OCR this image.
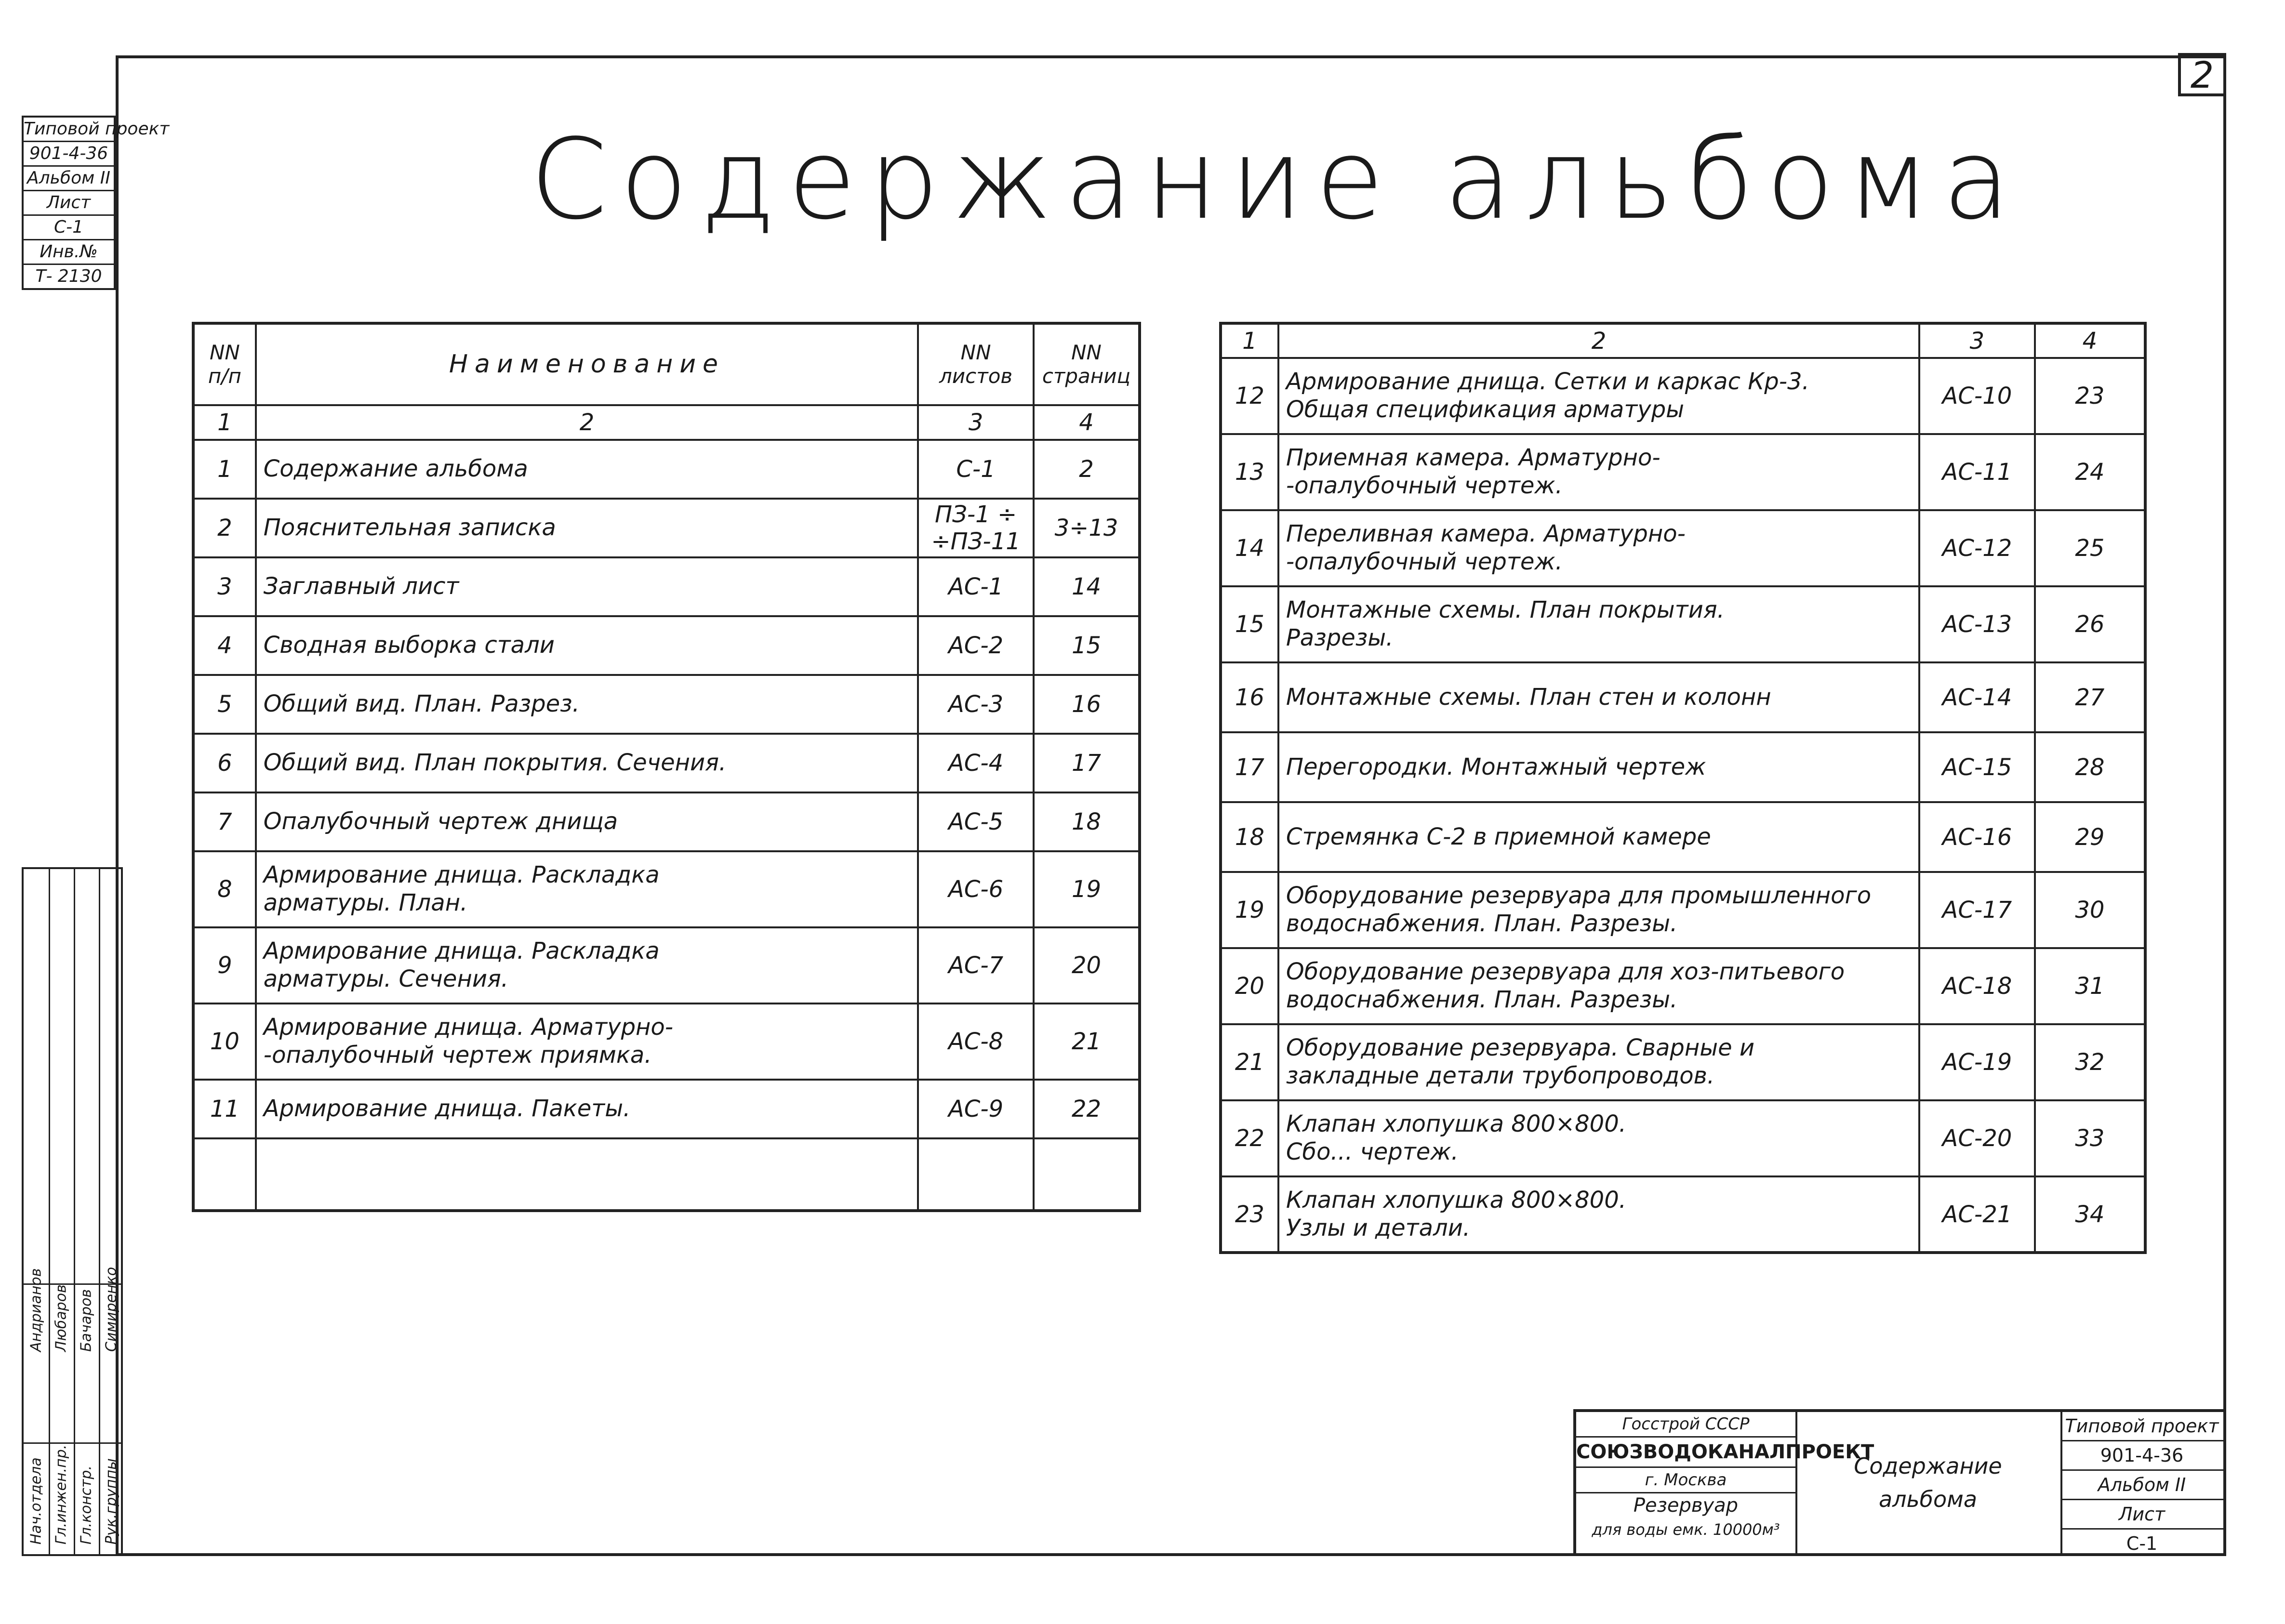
2
Содержание альбома
Типовой проект
901-4-36
Альбом II
Лист
С-1
Инв.№
Т- 2130
Нач.отдела Гл.инжен.пр. Гл.констр. Рук.группы
Андрианов Любаров Бачаров Симиренко
NN п/п	Наименование	NN листов	NN страниц
1	2	3	4
1	Содержание альбома	С-1	2
2	Пояснительная записка	ПЗ-1 ÷ ÷ПЗ-11	3÷13
3	Заглавный лист	АС-1	14
4	Сводная выборка стали	АС-2	15
5	Общий вид. План. Разрез.	АС-3	16
6	Общий вид. План покрытия. Сечения.	АС-4	17
7	Опалубочный чертеж днища	АС-5	18
8	Армирование днища. Раскладка
арматуры. План.	АС-6	19
9	Армирование днища. Раскладка
арматуры. Сечения.	АС-7	20
10	Армирование днища. Арматурно-
-опалубочный чертеж приямка.	АС-8	21
11	Армирование днища. Пакеты.	АС-9	22

1	2	3	4
12	Армирование днища. Сетки и каркас Кр-3.
Общая спецификация арматуры	АС-10	23
13	Приемная камера. Арматурно-
-опалубочный чертеж.	АС-11	24
14	Переливная камера. Арматурно-
-опалубочный чертеж.	АС-12	25
15	Монтажные схемы. План покрытия.
Разрезы.	АС-13	26
16	Монтажные схемы. План стен и колонн	АС-14	27
17	Перегородки. Монтажный чертеж	АС-15	28
18	Стремянка С-2 в приемной камере	АС-16	29
19	Оборудование резервуара для промышленного
водоснабжения. План. Разрезы.	АС-17	30
20	Оборудование резервуара для хоз-питьевого
водоснабжения. План. Разрезы.	АС-18	31
21	Оборудование резервуара. Сварные и
закладные детали трубопроводов.	АС-19	32
22	Клапан хлопушка 800×800.
Сбо... чертеж.	АС-20	33
23	Клапан хлопушка 800×800.
Узлы и детали.	АС-21	34
Госстрой СССР
СОЮЗВОДОКАНАЛПРОЕКТ
г. Москва
Резервуар
для воды емк. 10000м³
Содержание
альбома
Типовой проект
901-4-36
Альбом II
Лист
С-1
